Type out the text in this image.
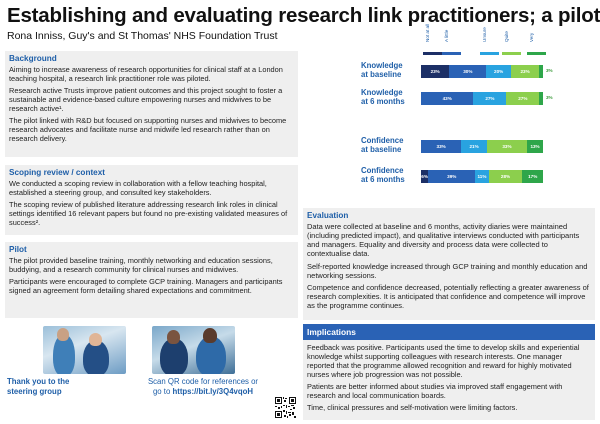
Establishing and evaluating research link practitioners; a pilot
Rona Inniss, Guy's and St Thomas' NHS Foundation Trust
Background

Aiming to increase awareness of research opportunities for clinical staff at a London teaching hospital, a research link practitioner role was piloted.

Research active Trusts improve patient outcomes and this project sought to foster a sustainable and evidence-based culture empowering nurses and midwives to be research active¹.

The pilot linked with R&D but focused on supporting nurses and midwives to become research advocates and facilitate nurse and midwife led research rather than on research delivery.

Scoping review / context

We conducted a scoping review in collaboration with a fellow teaching hospital, established a steering group, and consulted key stakeholders.

The scoping review of published literature addressing research link roles in clinical settings identified 16 relevant papers but found no pre-existing validated measures of success².

Pilot

The pilot provided baseline training, monthly networking and education sessions, buddying, and a research community for clinical nurses and midwives.

Participants were encouraged to complete GCP training. Managers and participants signed an agreement form detailing shared expectations and commitment.

Not at all	A little	Unsure	Quite	Very
Knowledge
at baseline	23%	30%	20%	23%	3%
Knowledge
at 6 months	43%	27%	27%	3%
Confidence
at baseline	33%	21%	33%	13%
Confidence
at 6 months	6%	39%	11%	28%	17%
Evaluation

Data were collected at baseline and 6 months, activity diaries were maintained (including predicted impact), and qualitative interviews conducted with participants and managers. Equality and diversity and process data were collected to contextualise data.

Self-reported knowledge increased through GCP training and monthly education and networking sessions.

Competence and confidence decreased, potentially reflecting a greater awareness of research complexities. It is anticipated that confidence and competence will improve as the programme continues.

Implications

Feedback was positive. Participants used the time to develop skills and experiential knowledge whilst supporting colleagues with research interests. One manager reported that the programme allowed recognition and reward for highly motivated nurses where job progression was not possible.

Patients are better informed about studies via improved staff engagement with research and local communication boards.

Time, clinical pressures and self-motivation were limiting factors.

Thank you to the
steering group
Scan QR code for references or
go to https://bit.ly/3Q4vqoH
